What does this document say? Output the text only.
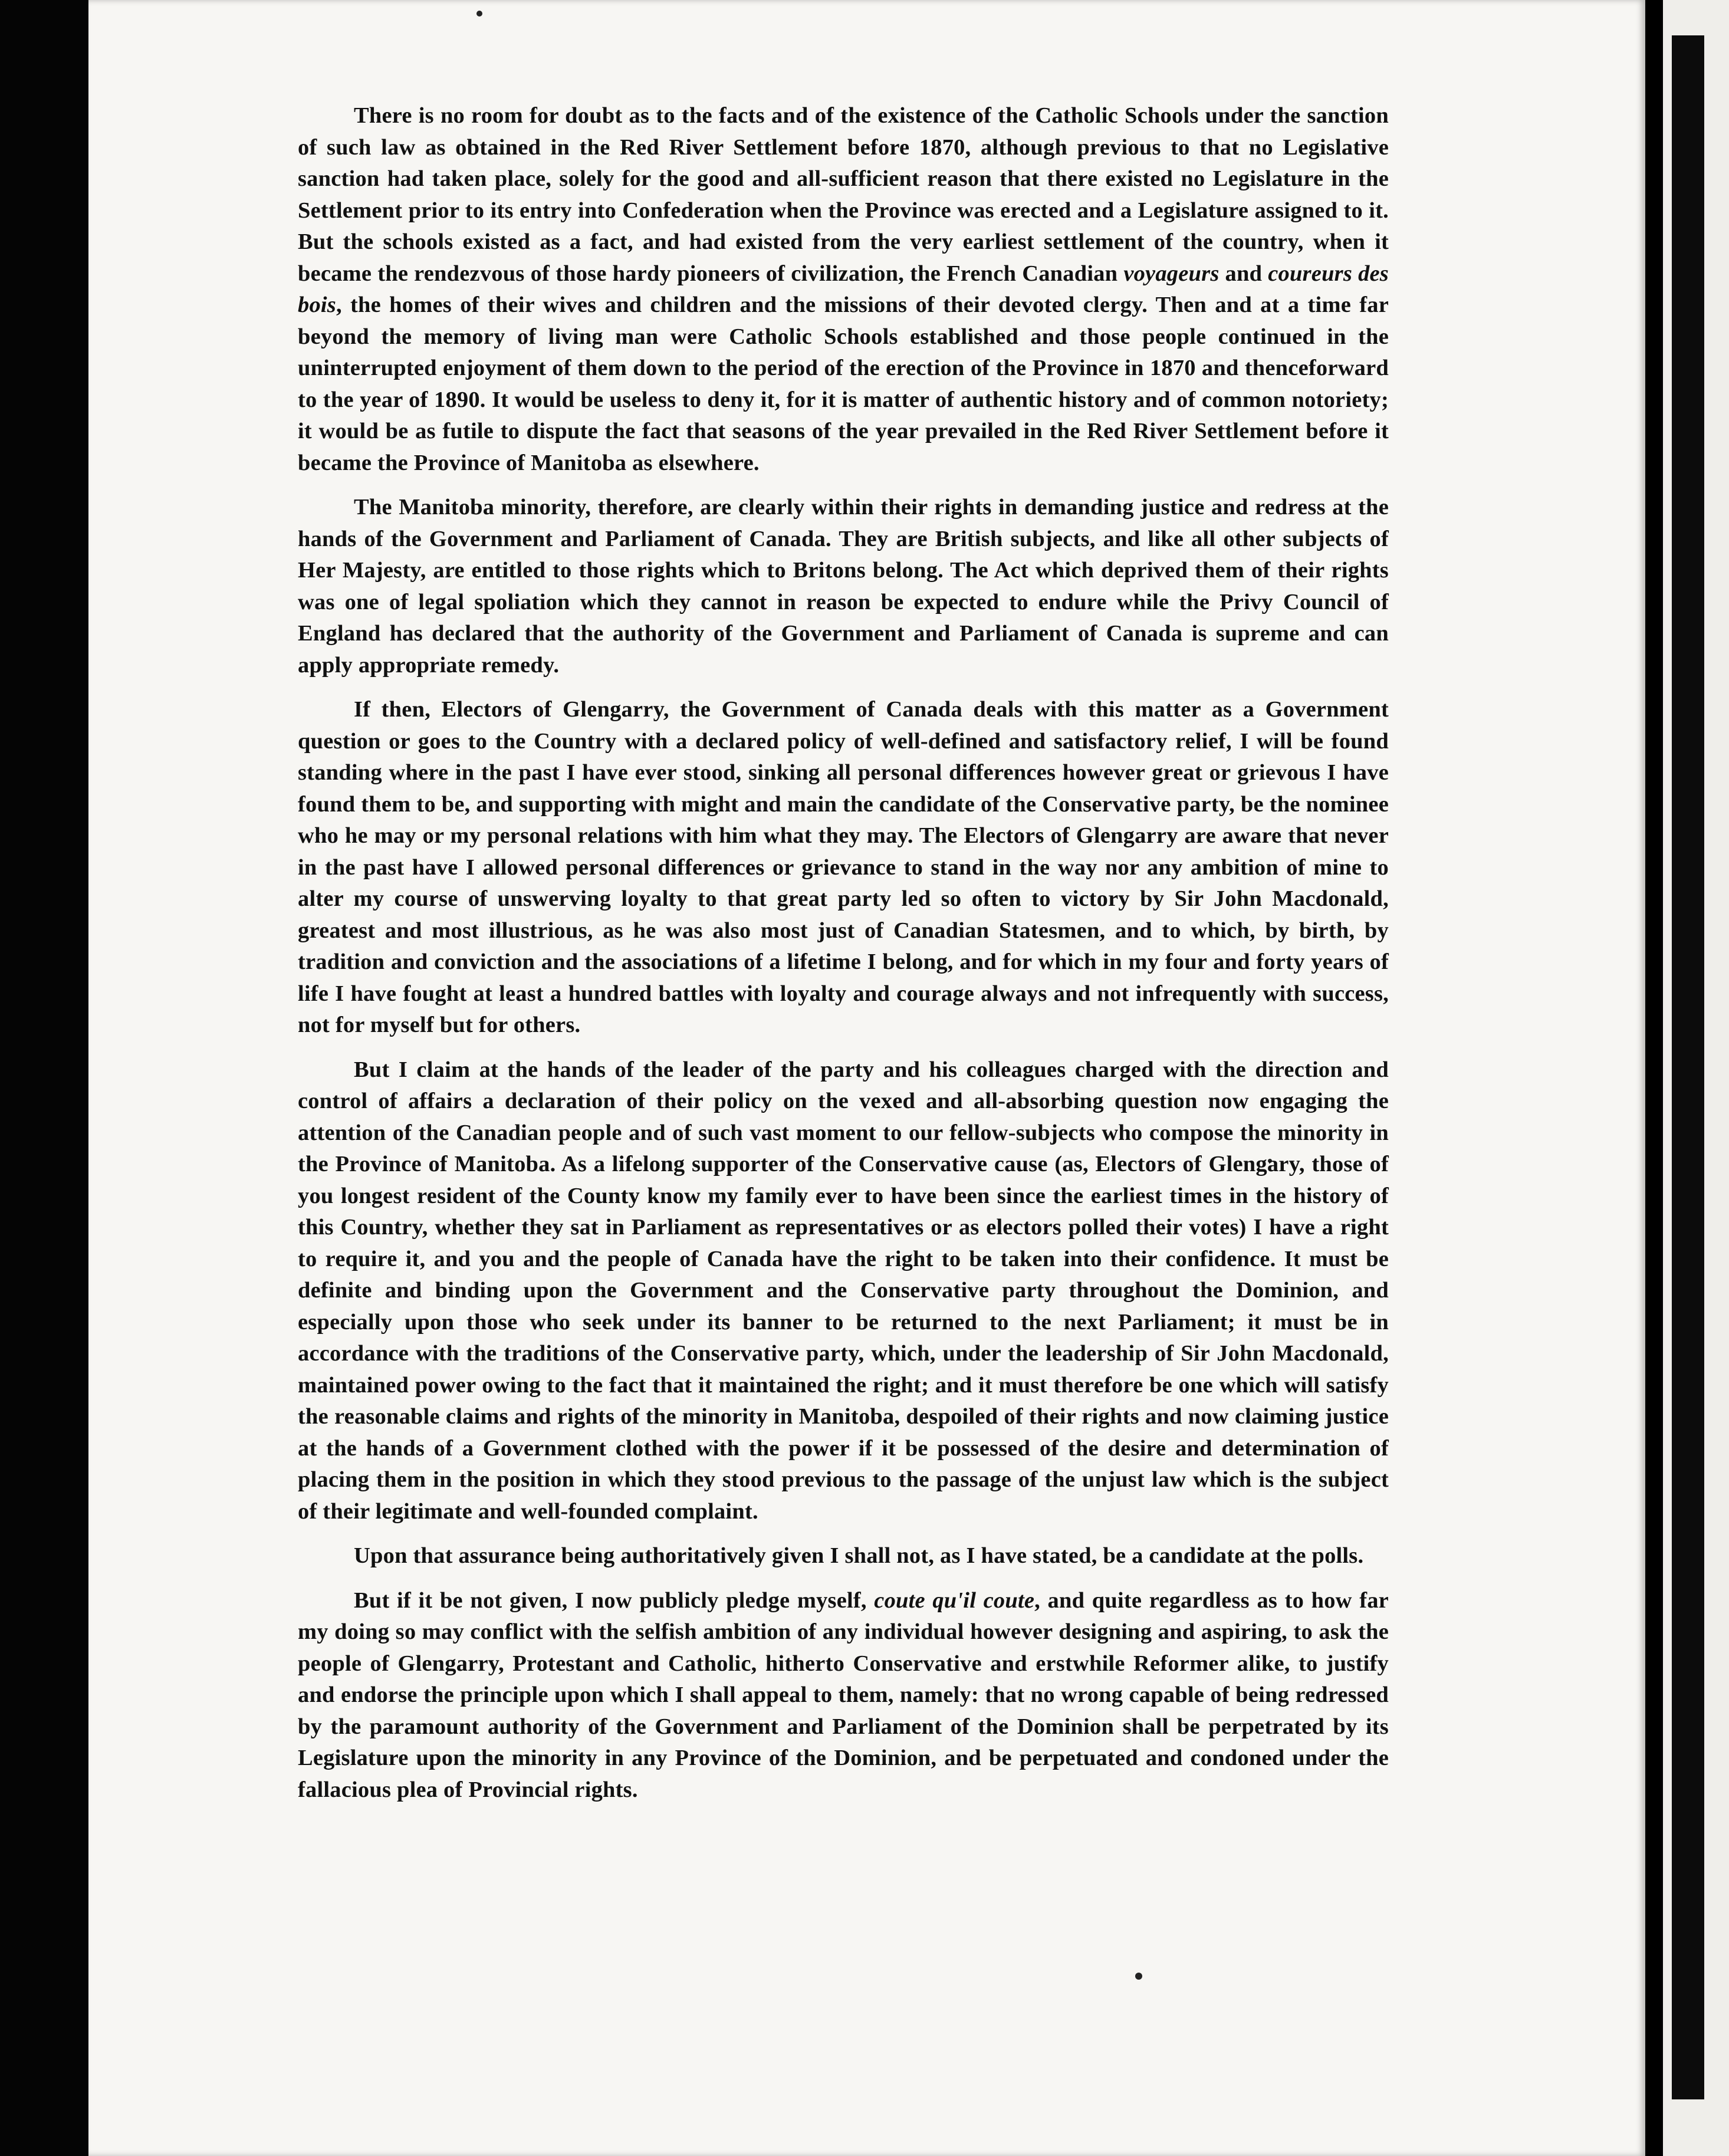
There is no room for doubt as to the facts and of the existence of the Catholic Schools under the sanction of such law as obtained in the Red River Settlement before 1870, although previous to that no Legislative sanction had taken place, solely for the good and all-sufficient reason that there existed no Legislature in the Settlement prior to its entry into Confederation when the Province was erected and a Legislature assigned to it. But the schools existed as a fact, and had existed from the very earliest settlement of the country, when it became the rendezvous of those hardy pioneers of civilization, the French Canadian voyageurs and coureurs des bois, the homes of their wives and children and the missions of their devoted clergy. Then and at a time far beyond the memory of living man were Catholic Schools established and those people continued in the uninterrupted enjoyment of them down to the period of the erection of the Province in 1870 and thenceforward to the year of 1890. It would be useless to deny it, for it is matter of authentic history and of common notoriety; it would be as futile to dispute the fact that seasons of the year prevailed in the Red River Settlement before it became the Province of Manitoba as elsewhere.

The Manitoba minority, therefore, are clearly within their rights in demanding justice and redress at the hands of the Government and Parliament of Canada. They are British subjects, and like all other subjects of Her Majesty, are entitled to those rights which to Britons belong. The Act which deprived them of their rights was one of legal spoliation which they cannot in reason be expected to endure while the Privy Council of England has declared that the authority of the Government and Parliament of Canada is supreme and can apply appropriate remedy.

If then, Electors of Glengarry, the Government of Canada deals with this matter as a Government question or goes to the Country with a declared policy of well-defined and satisfactory relief, I will be found standing where in the past I have ever stood, sinking all personal differences however great or grievous I have found them to be, and supporting with might and main the candidate of the Conservative party, be the nominee who he may or my personal relations with him what they may. The Electors of Glengarry are aware that never in the past have I allowed personal differences or grievance to stand in the way nor any ambition of mine to alter my course of unswerving loyalty to that great party led so often to victory by Sir John Macdonald, greatest and most illustrious, as he was also most just of Canadian Statesmen, and to which, by birth, by tradition and conviction and the associations of a lifetime I belong, and for which in my four and forty years of life I have fought at least a hundred battles with loyalty and courage always and not infrequently with success, not for myself but for others.

But I claim at the hands of the leader of the party and his colleagues charged with the direction and control of affairs a declaration of their policy on the vexed and all-absorbing question now engaging the attention of the Canadian people and of such vast moment to our fellow-subjects who compose the minority in the Province of Manitoba. As a lifelong supporter of the Conservative cause (as, Electors of Glengary, those of you longest resident of the County know my family ever to have been since the earliest times in the history of this Country, whether they sat in Parliament as representatives or as electors polled their votes) I have a right to require it, and you and the people of Canada have the right to be taken into their confidence. It must be definite and binding upon the Government and the Conservative party throughout the Dominion, and especially upon those who seek under its banner to be returned to the next Parliament; it must be in accordance with the traditions of the Conservative party, which, under the leadership of Sir John Macdonald, maintained power owing to the fact that it maintained the right; and it must therefore be one which will satisfy the reasonable claims and rights of the minority in Manitoba, despoiled of their rights and now claiming justice at the hands of a Government clothed with the power if it be possessed of the desire and determination of placing them in the position in which they stood previous to the passage of the unjust law which is the subject of their legitimate and well-founded complaint.

Upon that assurance being authoritatively given I shall not, as I have stated, be a candidate at the polls.

But if it be not given, I now publicly pledge myself, coute qu'il coute, and quite regardless as to how far my doing so may conflict with the selfish ambition of any individual however designing and aspiring, to ask the people of Glengarry, Protestant and Catholic, hitherto Conservative and erstwhile Reformer alike, to justify and endorse the principle upon which I shall appeal to them, namely: that no wrong capable of being redressed by the paramount authority of the Government and Parliament of the Dominion shall be perpetrated by its Legislature upon the minority in any Province of the Dominion, and be perpetuated and condoned under the fallacious plea of Provincial rights.
